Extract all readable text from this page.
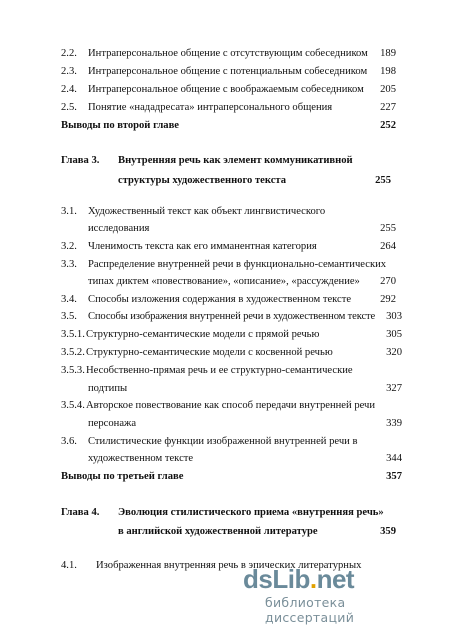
2.2. Интраперсональное общение с отсутствующим собеседником	189
2.3. Интраперсональное общение с потенциальным собеседником	198
2.4. Интраперсональное общение с воображаемым собеседником	205
2.5. Понятие «нададресата» интраперсонального общения	227
Выводы по второй главе	252
Глава 3. Внутренняя речь как элемент коммуникативной
структуры художественного текста	255
3.1. Художественный текст как объект лингвистического
исследования	255
3.2. Членимость текста как его имманентная категория	264
3.3. Распределение внутренней речи в функционально-семантических
типах диктем «повествование», «описание», «рассуждение»	270
3.4. Способы изложения содержания в художественном тексте	292
3.5. Способы изображения внутренней речи в художественном тексте	303
3.5.1. Структурно-семантические модели с прямой речью	305
3.5.2. Структурно-семантические модели с косвенной речью	320
3.5.3. Несобственно-прямая речь и ее структурно-семантические
подтипы	327
3.5.4. Авторское повествование как способ передачи внутренней речи
персонажа	339
3.6. Стилистические функции изображенной внутренней речи в
художественном тексте	344
Выводы по третьей главе	357
Глава 4. Эволюция стилистического приема «внутренняя речь»
в английской художественной литературе	359
4.1. Изображенная внутренняя речь в эпических литературных
dsLib.net
библиотека диссертаций
